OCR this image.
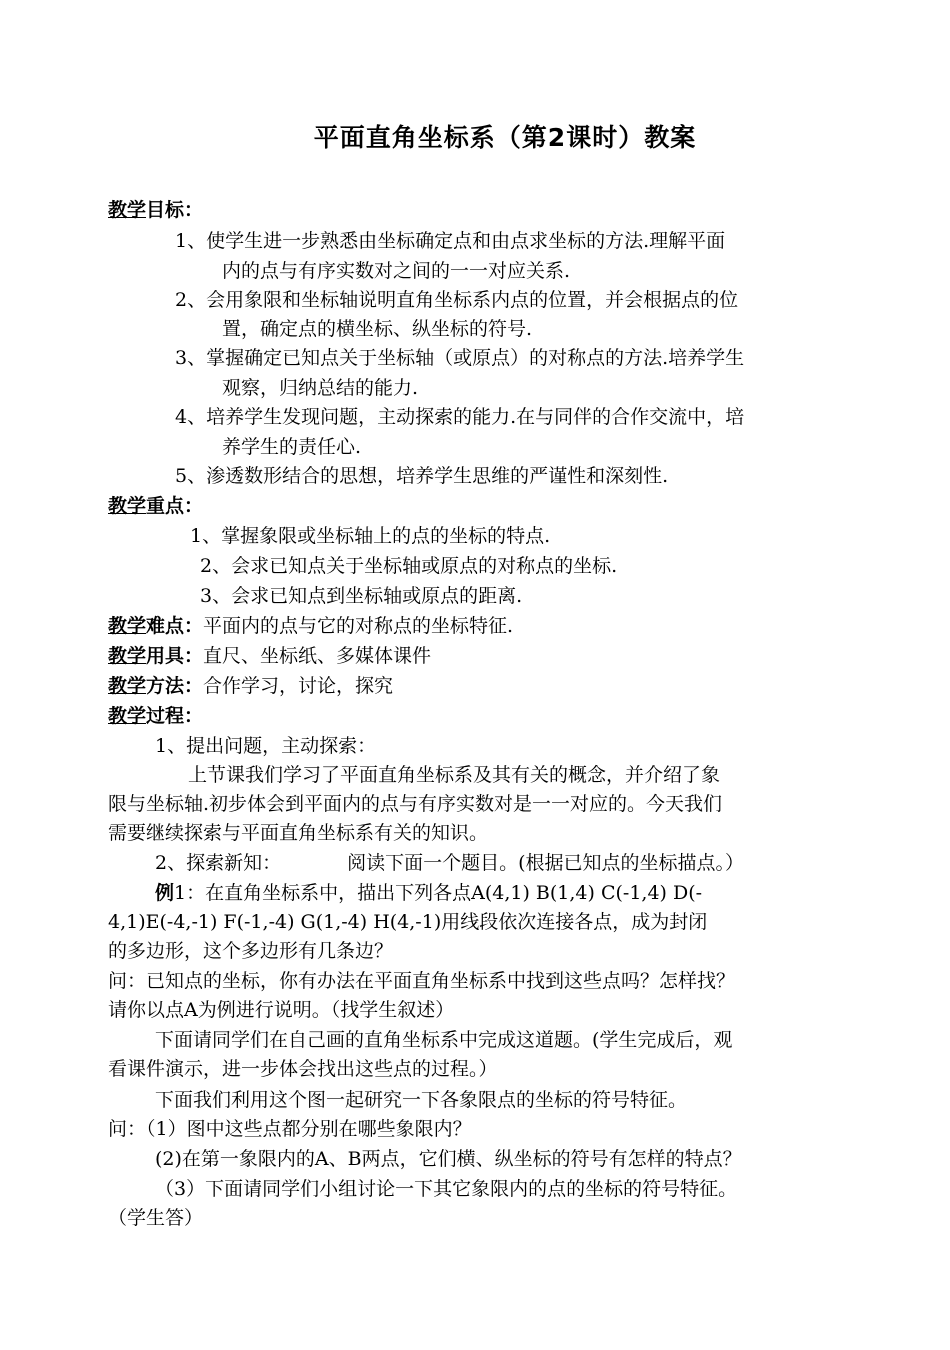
平面直角坐标系（第2课时）教案
教学目标：
1、使学生进一步熟悉由坐标确定点和由点求坐标的方法.理解平面
内的点与有序实数对之间的一一对应关系.
2、会用象限和坐标轴说明直角坐标系内点的位置，并会根据点的位
置，确定点的横坐标、纵坐标的符号.
3、掌握确定已知点关于坐标轴（或原点）的对称点的方法.培养学生
观察，归纳总结的能力.
4、培养学生发现问题，主动探索的能力.在与同伴的合作交流中，培
养学生的责任心.
5、渗透数形结合的思想，培养学生思维的严谨性和深刻性.
教学重点：
1、掌握象限或坐标轴上的点的坐标的特点.
2、会求已知点关于坐标轴或原点的对称点的坐标.
3、会求已知点到坐标轴或原点的距离.
教学难点：平面内的点与它的对称点的坐标特征.
教学用具：直尺、坐标纸、多媒体课件
教学方法：合作学习，讨论，探究
教学过程：
1、提出问题，主动探索：
上节课我们学习了平面直角坐标系及其有关的概念，并介绍了象
限与坐标轴.初步体会到平面内的点与有序实数对是一一对应的。今天我们
需要继续探索与平面直角坐标系有关的知识。
2、探索新知：	阅读下面一个题目。(根据已知点的坐标描点。）
例1：在直角坐标系中，描出下列各点A(4,1) B(1,4) C(-1,4) D(-
4,1)E(-4,-1) F(-1,-4) G(1,-4) H(4,-1)用线段依次连接各点，成为封闭
的多边形，这个多边形有几条边？
问：已知点的坐标，你有办法在平面直角坐标系中找到这些点吗？怎样找？
请你以点A为例进行说明。（找学生叙述）
下面请同学们在自己画的直角坐标系中完成这道题。(学生完成后，观
看课件演示，进一步体会找出这些点的过程。）
下面我们利用这个图一起研究一下各象限点的坐标的符号特征。
问：（1）图中这些点都分别在哪些象限内？
(2)在第一象限内的A、B两点，它们横、纵坐标的符号有怎样的特点？
（3）下面请同学们小组讨论一下其它象限内的点的坐标的符号特征。
（学生答）
